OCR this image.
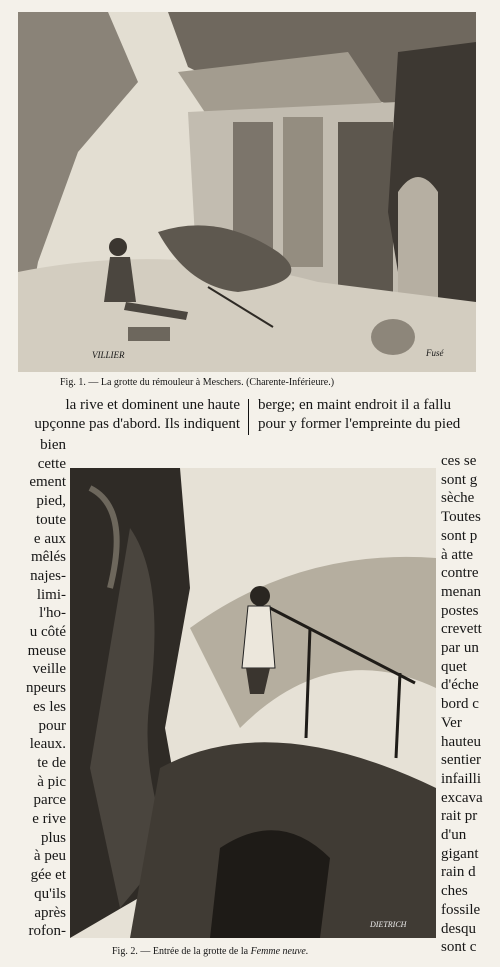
VILLIER	Fusé
Fig. 1. — La grotte du rémouleur à Meschers. (Charente-Inférieure.)
la rive et dominent une haute
upçonne pas d'abord. Ils indiquent
berge; en maint endroit il a fallu
pour y former l'empreinte du pied
bien
cette
ement
pied,
toute
e aux
mêlés
najes-
limi-
l'ho-
u côté
meuse
veille
npeurs
es les
pour
leaux.
te de
à pic
parce
e rive
plus
à peu
gée et
qu'ils
après
rofon-	DIETRICH
Fig. 2. — Entrée de la grotte de la Femme neuve.
ces se
sont g
sèche
Toutes
sont p
à atte
contre
menan
postes
crevett
par un
quet
d'éche
bord c
Ver
hauteu
sentier
infailli
excava
rait pr
d'un
gigant
rain d
ches
fossile
desqu
sont c
